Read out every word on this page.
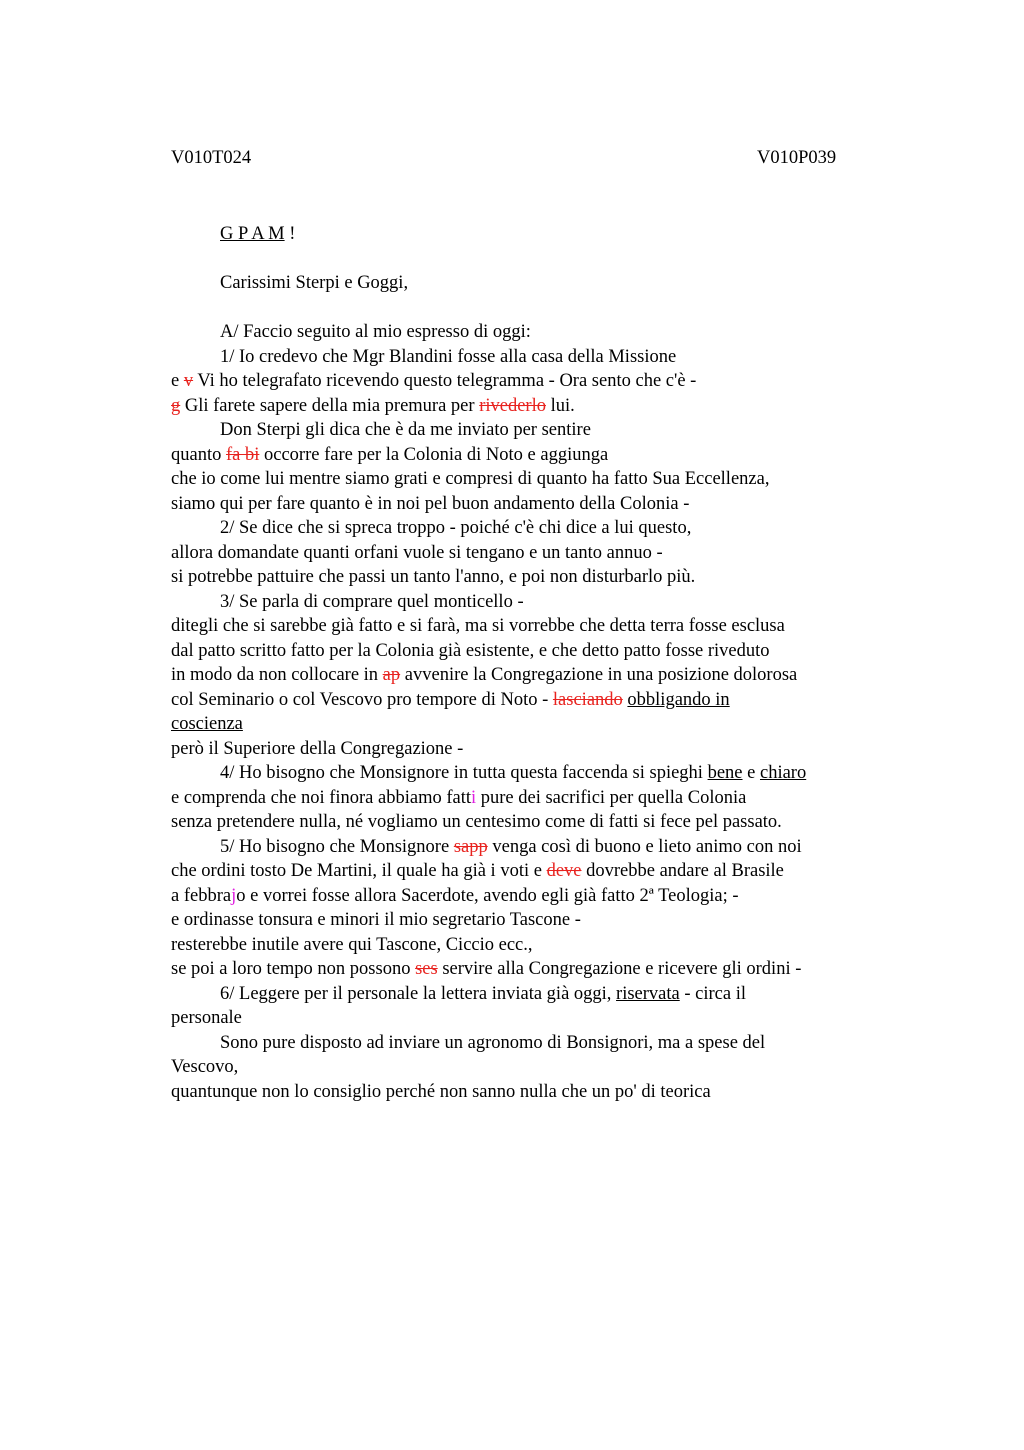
V010T024	V010P039
G P A M !
Carissimi Sterpi e Goggi,
A/ Faccio seguito al mio espresso di oggi:
1/ Io credevo che Mgr Blandini fosse alla casa della Missione
e v Vi ho telegrafato ricevendo questo telegramma - Ora sento che c'è -
g Gli farete sapere della mia premura per rivederlo lui.
Don Sterpi gli dica che è da me inviato per sentire
quanto fa bi occorre fare per la Colonia di Noto e aggiunga
che io come lui mentre siamo grati e compresi di quanto ha fatto Sua Eccellenza,
siamo qui per fare quanto è in noi pel buon andamento della Colonia -
2/ Se dice che si spreca troppo - poiché c'è chi dice a lui questo,
allora domandate quanti orfani vuole si tengano e un tanto annuo -
si potrebbe pattuire che passi un tanto l'anno, e poi non disturbarlo più.
3/ Se parla di comprare quel monticello -
ditegli che si sarebbe già fatto e si farà, ma si vorrebbe che detta terra fosse esclusa
dal patto scritto fatto per la Colonia già esistente, e che detto patto fosse riveduto
in modo da non collocare in ap avvenire la Congregazione in una posizione dolorosa
col Seminario o col Vescovo pro tempore di Noto - lasciando obbligando in
coscienza
però il Superiore della Congregazione -
4/ Ho bisogno che Monsignore in tutta questa faccenda si spieghi bene e chiaro
e comprenda che noi finora abbiamo fatti pure dei sacrifici per quella Colonia
senza pretendere nulla, né vogliamo un centesimo come di fatti si fece pel passato.
5/ Ho bisogno che Monsignore sapp venga così di buono e lieto animo con noi
che ordini tosto De Martini, il quale ha già i voti e deve dovrebbe andare al Brasile
a febbrajo e vorrei fosse allora Sacerdote, avendo egli già fatto 2ª Teologia; -
e ordinasse tonsura e minori il mio segretario Tascone -
resterebbe inutile avere qui Tascone, Ciccio ecc.,
se poi a loro tempo non possono ses servire alla Congregazione e ricevere gli ordini -
6/ Leggere per il personale la lettera inviata già oggi, riservata - circa il
personale
Sono pure disposto ad inviare un agronomo di Bonsignori, ma a spese del
Vescovo,
quantunque non lo consiglio perché non sanno nulla che un po' di teorica
